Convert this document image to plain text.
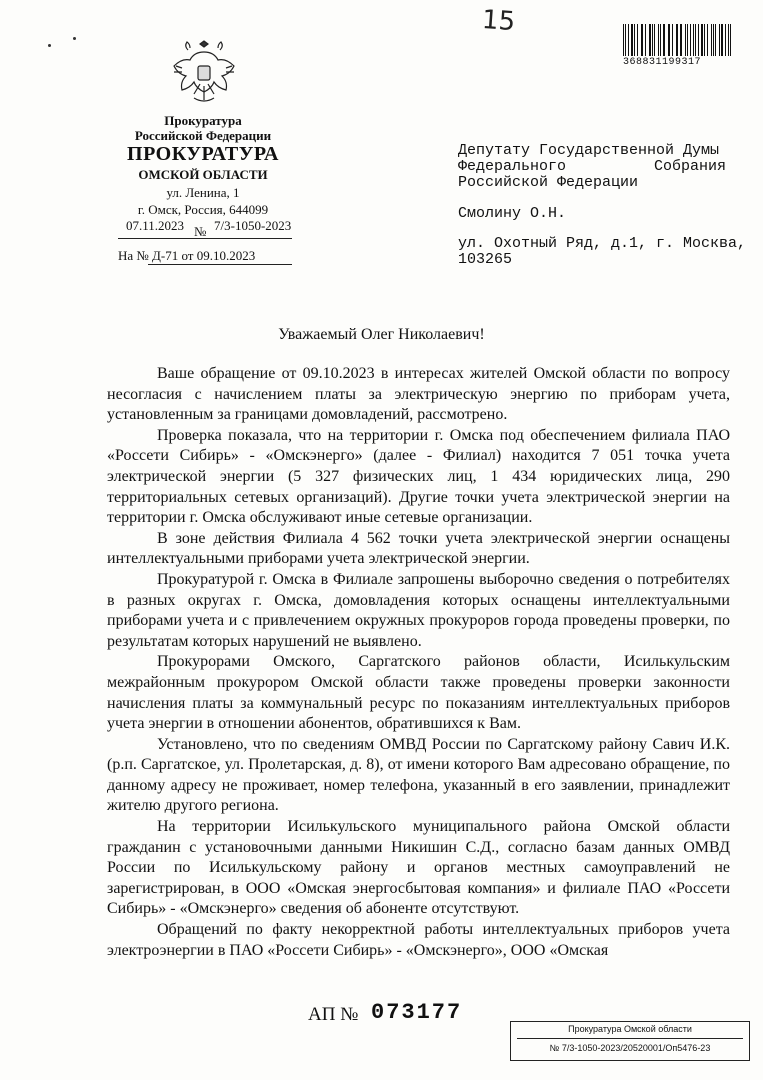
15
368831199317
Прокуратура
Российской Федерации
ПРОКУРАТУРА
ОМСКОЙ ОБЛАСТИ
ул. Ленина, 1
г. Омск, Россия, 644099
07.11.2023 № 7/3-1050-2023
На № Д-71 от 09.10.2023
Депутату Государственной Думы
Федерального	Собрания
Российской Федерации
Смолину О.Н.
ул. Охотный Ряд, д.1, г. Москва,
103265
Уважаемый Олег Николаевич!

Ваше обращение от 09.10.2023 в интересах жителей Омской области по вопросу несогласия с начислением платы за электрическую энергию по приборам учета, установленным за границами домовладений, рассмотрено.

Проверка показала, что на территории г. Омска под обеспечением филиала ПАО «Россети Сибирь» - «Омскэнерго» (далее - Филиал) находится 7 051 точка учета электрической энергии (5 327 физических лиц, 1 434 юридических лица, 290 территориальных сетевых организаций). Другие точки учета электрической энергии на территории г. Омска обслуживают иные сетевые организации.

В зоне действия Филиала 4 562 точки учета электрической энергии оснащены интеллектуальными приборами учета электрической энергии.

Прокуратурой г. Омска в Филиале запрошены выборочно сведения о потребителях в разных округах г. Омска, домовладения которых оснащены интеллектуальными приборами учета и с привлечением окружных прокуроров города проведены проверки, по результатам которых нарушений не выявлено.

Прокурорами Омского, Саргатского районов области, Исилькульским межрайонным прокурором Омской области также проведены проверки законности начисления платы за коммунальный ресурс по показаниям интеллектуальных приборов учета энергии в отношении абонентов, обратившихся к Вам.

Установлено, что по сведениям ОМВД России по Саргатскому району Савич И.К. (р.п. Саргатское, ул. Пролетарская, д. 8), от имени которого Вам адресовано обращение, по данному адресу не проживает, номер телефона, указанный в его заявлении, принадлежит жителю другого региона.

На территории Исилькульского муниципального района Омской области гражданин с установочными данными Никишин С.Д., согласно базам данных ОМВД России по Исилькульскому району и органов местных самоуправлений не зарегистрирован, в ООО «Омская энергосбытовая компания» и филиале ПАО «Россети Сибирь» - «Омскэнерго» сведения об абоненте отсутствуют.

Обращений по факту некорректной работы интеллектуальных приборов учета электроэнергии в ПАО «Россети Сибирь» - «Омскэнерго», ООО «Омская

АП № 073177
Прокуратура Омской области
№ 7/3-1050-2023/20520001/Оп5476-23
